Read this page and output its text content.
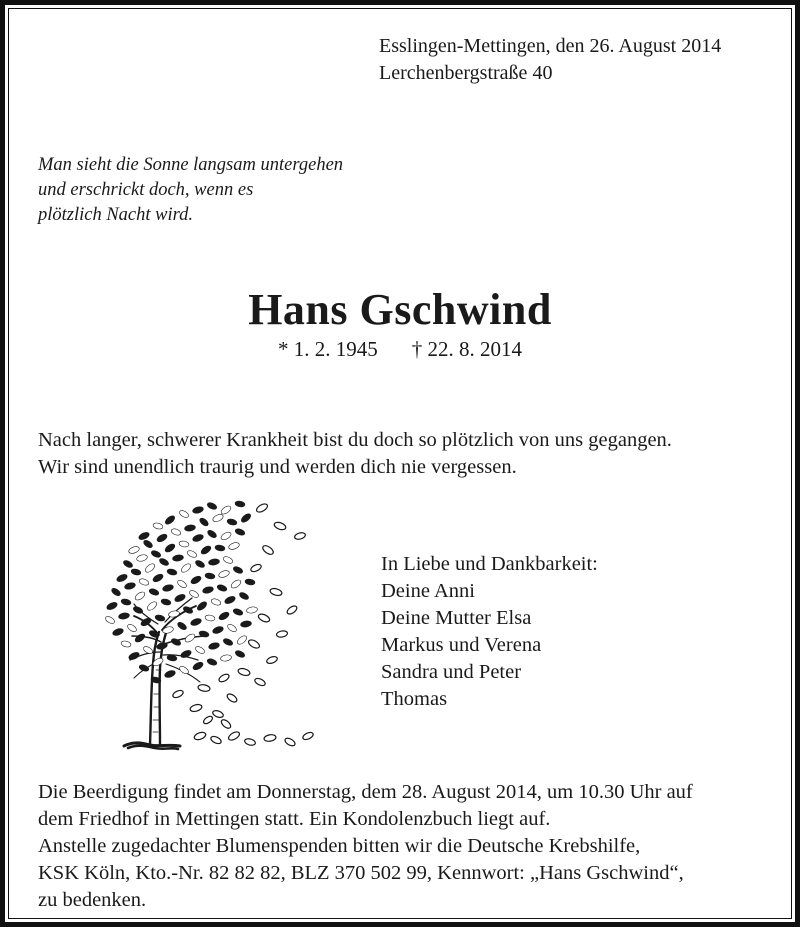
Esslingen-Mettingen, den 26. August 2014
Lerchenbergstraße 40
Man sieht die Sonne langsam untergehen
und erschrickt doch, wenn es
plötzlich Nacht wird.
Hans Gschwind
* 1. 2. 1945 † 22. 8. 2014
Nach langer, schwerer Krankheit bist du doch so plötzlich von uns gegangen.
Wir sind unendlich traurig und werden dich nie vergessen.
In Liebe und Dankbarkeit:
Deine Anni
Deine Mutter Elsa
Markus und Verena
Sandra und Peter
Thomas
Die Beerdigung findet am Donnerstag, dem 28. August 2014, um 10.30 Uhr auf
dem Friedhof in Mettingen statt. Ein Kondolenzbuch liegt auf.
Anstelle zugedachter Blumenspenden bitten wir die Deutsche Krebshilfe,
KSK Köln, Kto.-Nr. 82 82 82, BLZ 370 502 99, Kennwort: „Hans Gschwind“,
zu bedenken.
